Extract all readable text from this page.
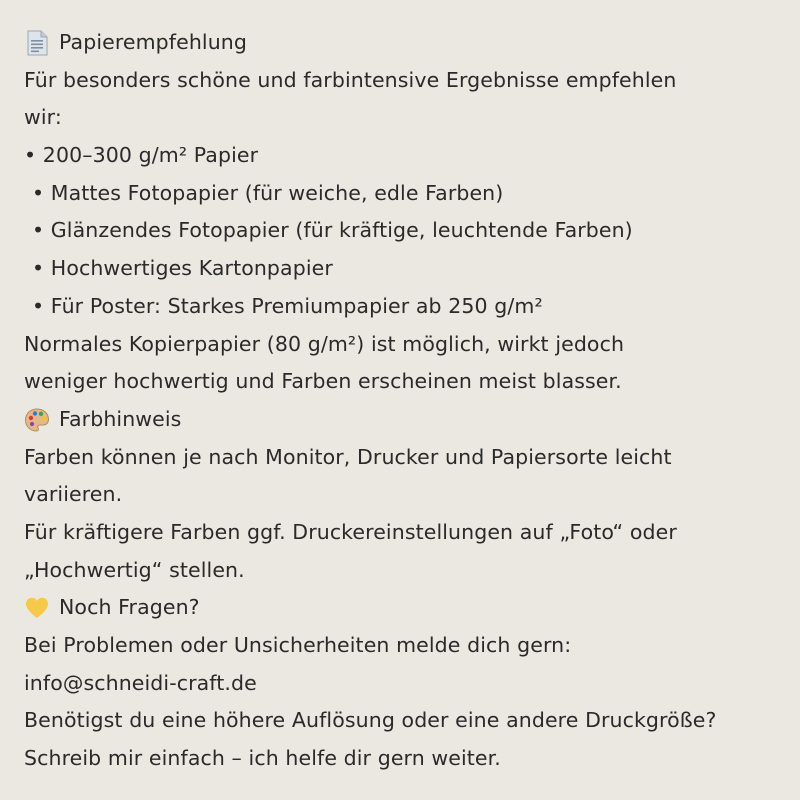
Papierempfehlung
Für besonders schöne und farbintensive Ergebnisse empfehlen
wir:
• 200–300 g/m² Papier
• Mattes Fotopapier (für weiche, edle Farben)
• Glänzendes Fotopapier (für kräftige, leuchtende Farben)
• Hochwertiges Kartonpapier
• Für Poster: Starkes Premiumpapier ab 250 g/m²
Normales Kopierpapier (80 g/m²) ist möglich, wirkt jedoch
weniger hochwertig und Farben erscheinen meist blasser.
Farbhinweis
Farben können je nach Monitor, Drucker und Papiersorte leicht
variieren.
Für kräftigere Farben ggf. Druckereinstellungen auf „Foto“ oder
„Hochwertig“ stellen.
Noch Fragen?
Bei Problemen oder Unsicherheiten melde dich gern:
info@schneidi-craft.de
Benötigst du eine höhere Auflösung oder eine andere Druckgröße?
Schreib mir einfach – ich helfe dir gern weiter.
